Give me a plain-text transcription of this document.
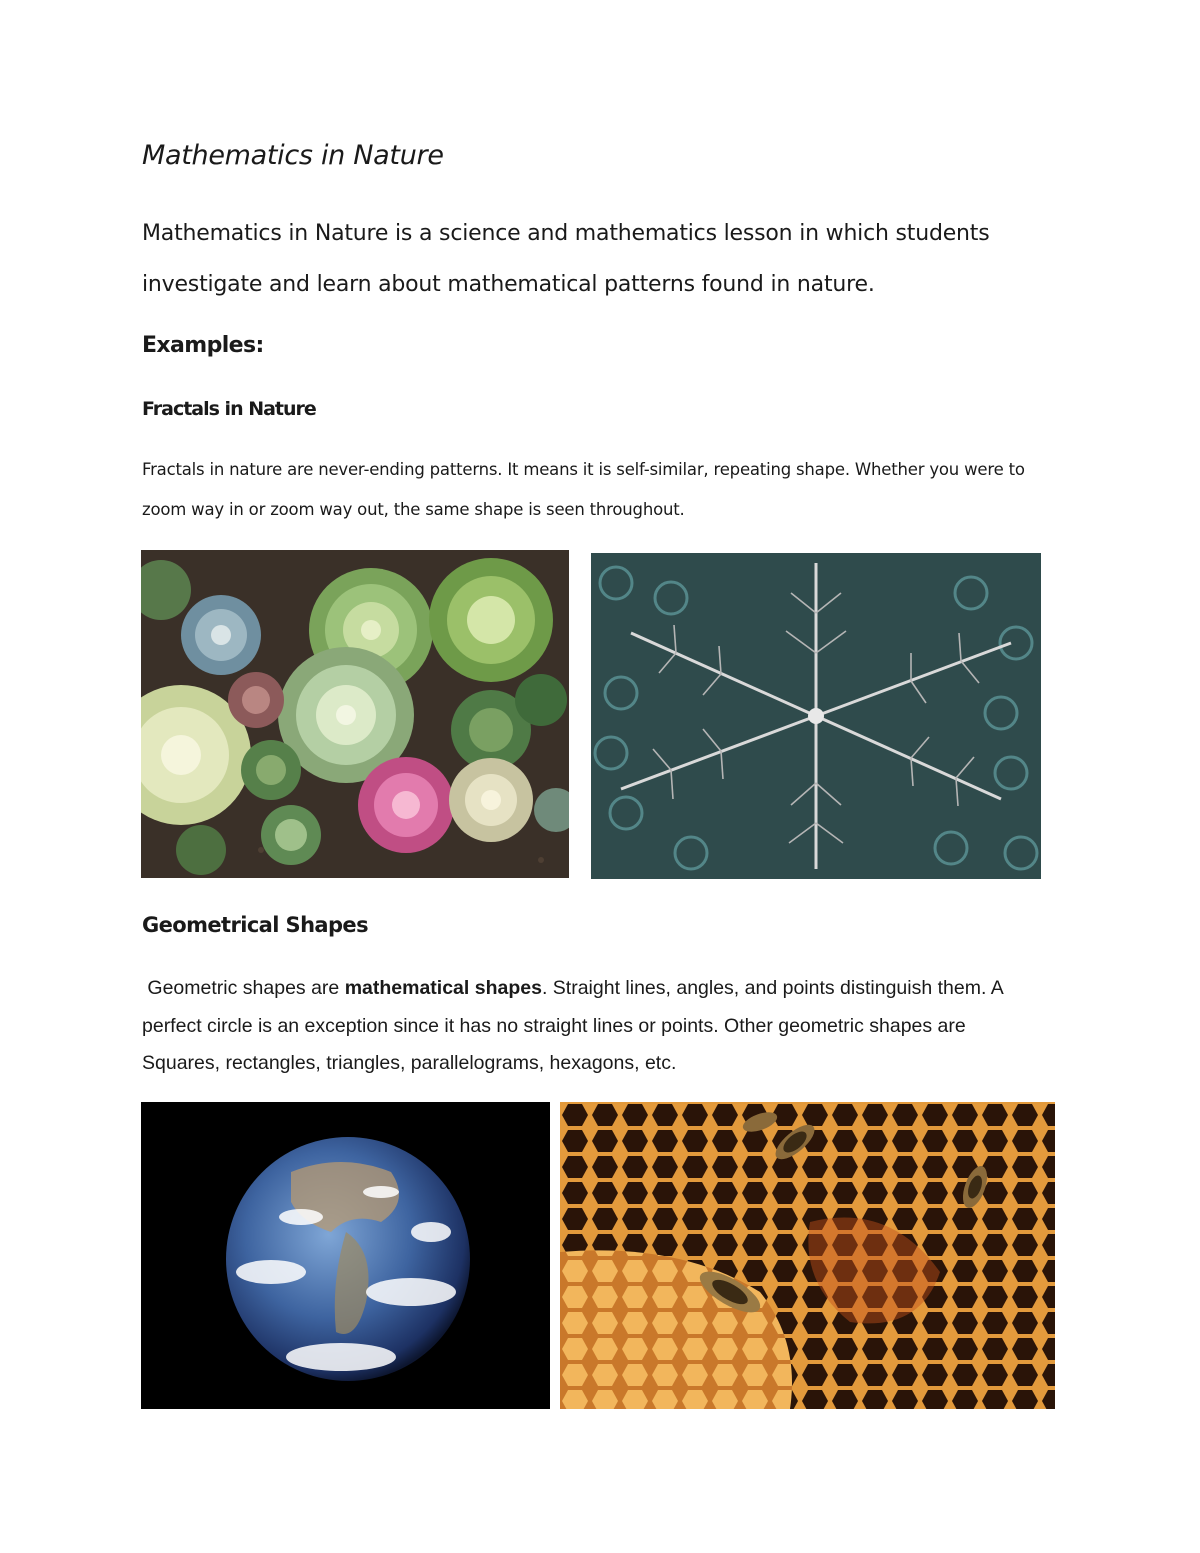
Mathematics in Nature
Mathematics in Nature is a science and mathematics lesson in which students investigate and learn about mathematical patterns found in nature.
Examples:
Fractals in Nature
Fractals in nature are never-ending patterns. It means it is self-similar, repeating shape. Whether you were to zoom way in or zoom way out, the same shape is seen throughout.
Geometrical Shapes
Geometric shapes are mathematical shapes. Straight lines, angles, and points distinguish them. A perfect circle is an exception since it has no straight lines or points. Other geometric shapes are Squares, rectangles, triangles, parallelograms, hexagons, etc.
